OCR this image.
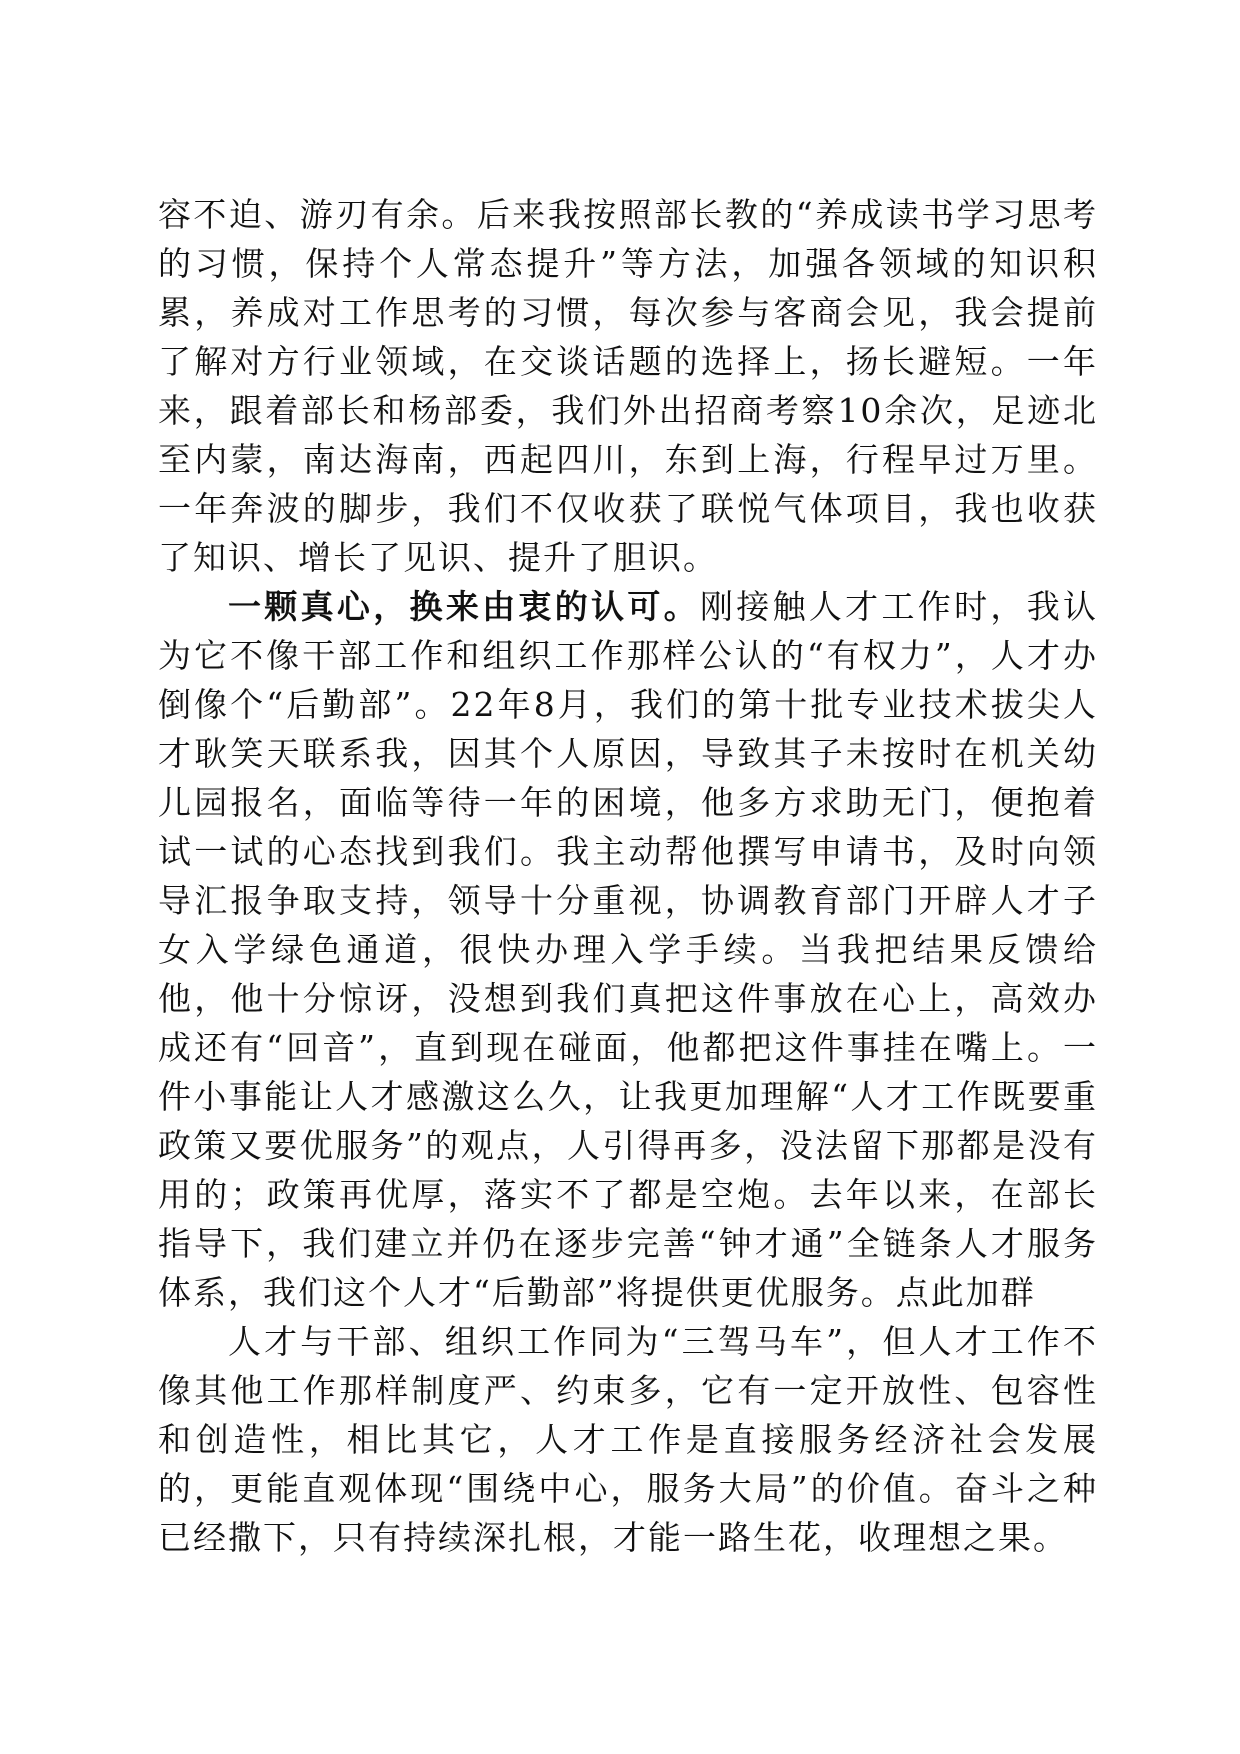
容不迫、游刃有余。后来我按照部长教的“养成读书学习思考的习惯，保持个人常态提升”等方法，加强各领域的知识积累，养成对工作思考的习惯，每次参与客商会见，我会提前了解对方行业领域，在交谈话题的选择上，扬长避短。一年来，跟着部长和杨部委，我们外出招商考察10余次，足迹北至内蒙，南达海南，西起四川，东到上海，行程早过万里。一年奔波的脚步，我们不仅收获了联悦气体项目，我也收获了知识、增长了见识、提升了胆识。

一颗真心，换来由衷的认可。刚接触人才工作时，我认为它不像干部工作和组织工作那样公认的“有权力”，人才办倒像个“后勤部”。22年8月，我们的第十批专业技术拔尖人才耿笑天联系我，因其个人原因，导致其子未按时在机关幼儿园报名，面临等待一年的困境，他多方求助无门，便抱着试一试的心态找到我们。我主动帮他撰写申请书，及时向领导汇报争取支持，领导十分重视，协调教育部门开辟人才子女入学绿色通道，很快办理入学手续。当我把结果反馈给他，他十分惊讶，没想到我们真把这件事放在心上，高效办成还有“回音”，直到现在碰面，他都把这件事挂在嘴上。一件小事能让人才感激这么久，让我更加理解“人才工作既要重政策又要优服务”的观点，人引得再多，没法留下那都是没有用的；政策再优厚，落实不了都是空炮。去年以来，在部长指导下，我们建立并仍在逐步完善“钟才通”全链条人才服务体系，我们这个人才“后勤部”将提供更优服务。点此加群

人才与干部、组织工作同为“三驾马车”，但人才工作不像其他工作那样制度严、约束多，它有一定开放性、包容性和创造性，相比其它，人才工作是直接服务经济社会发展的，更能直观体现“围绕中心，服务大局”的价值。奋斗之种已经撒下，只有持续深扎根，才能一路生花，收理想之果。
